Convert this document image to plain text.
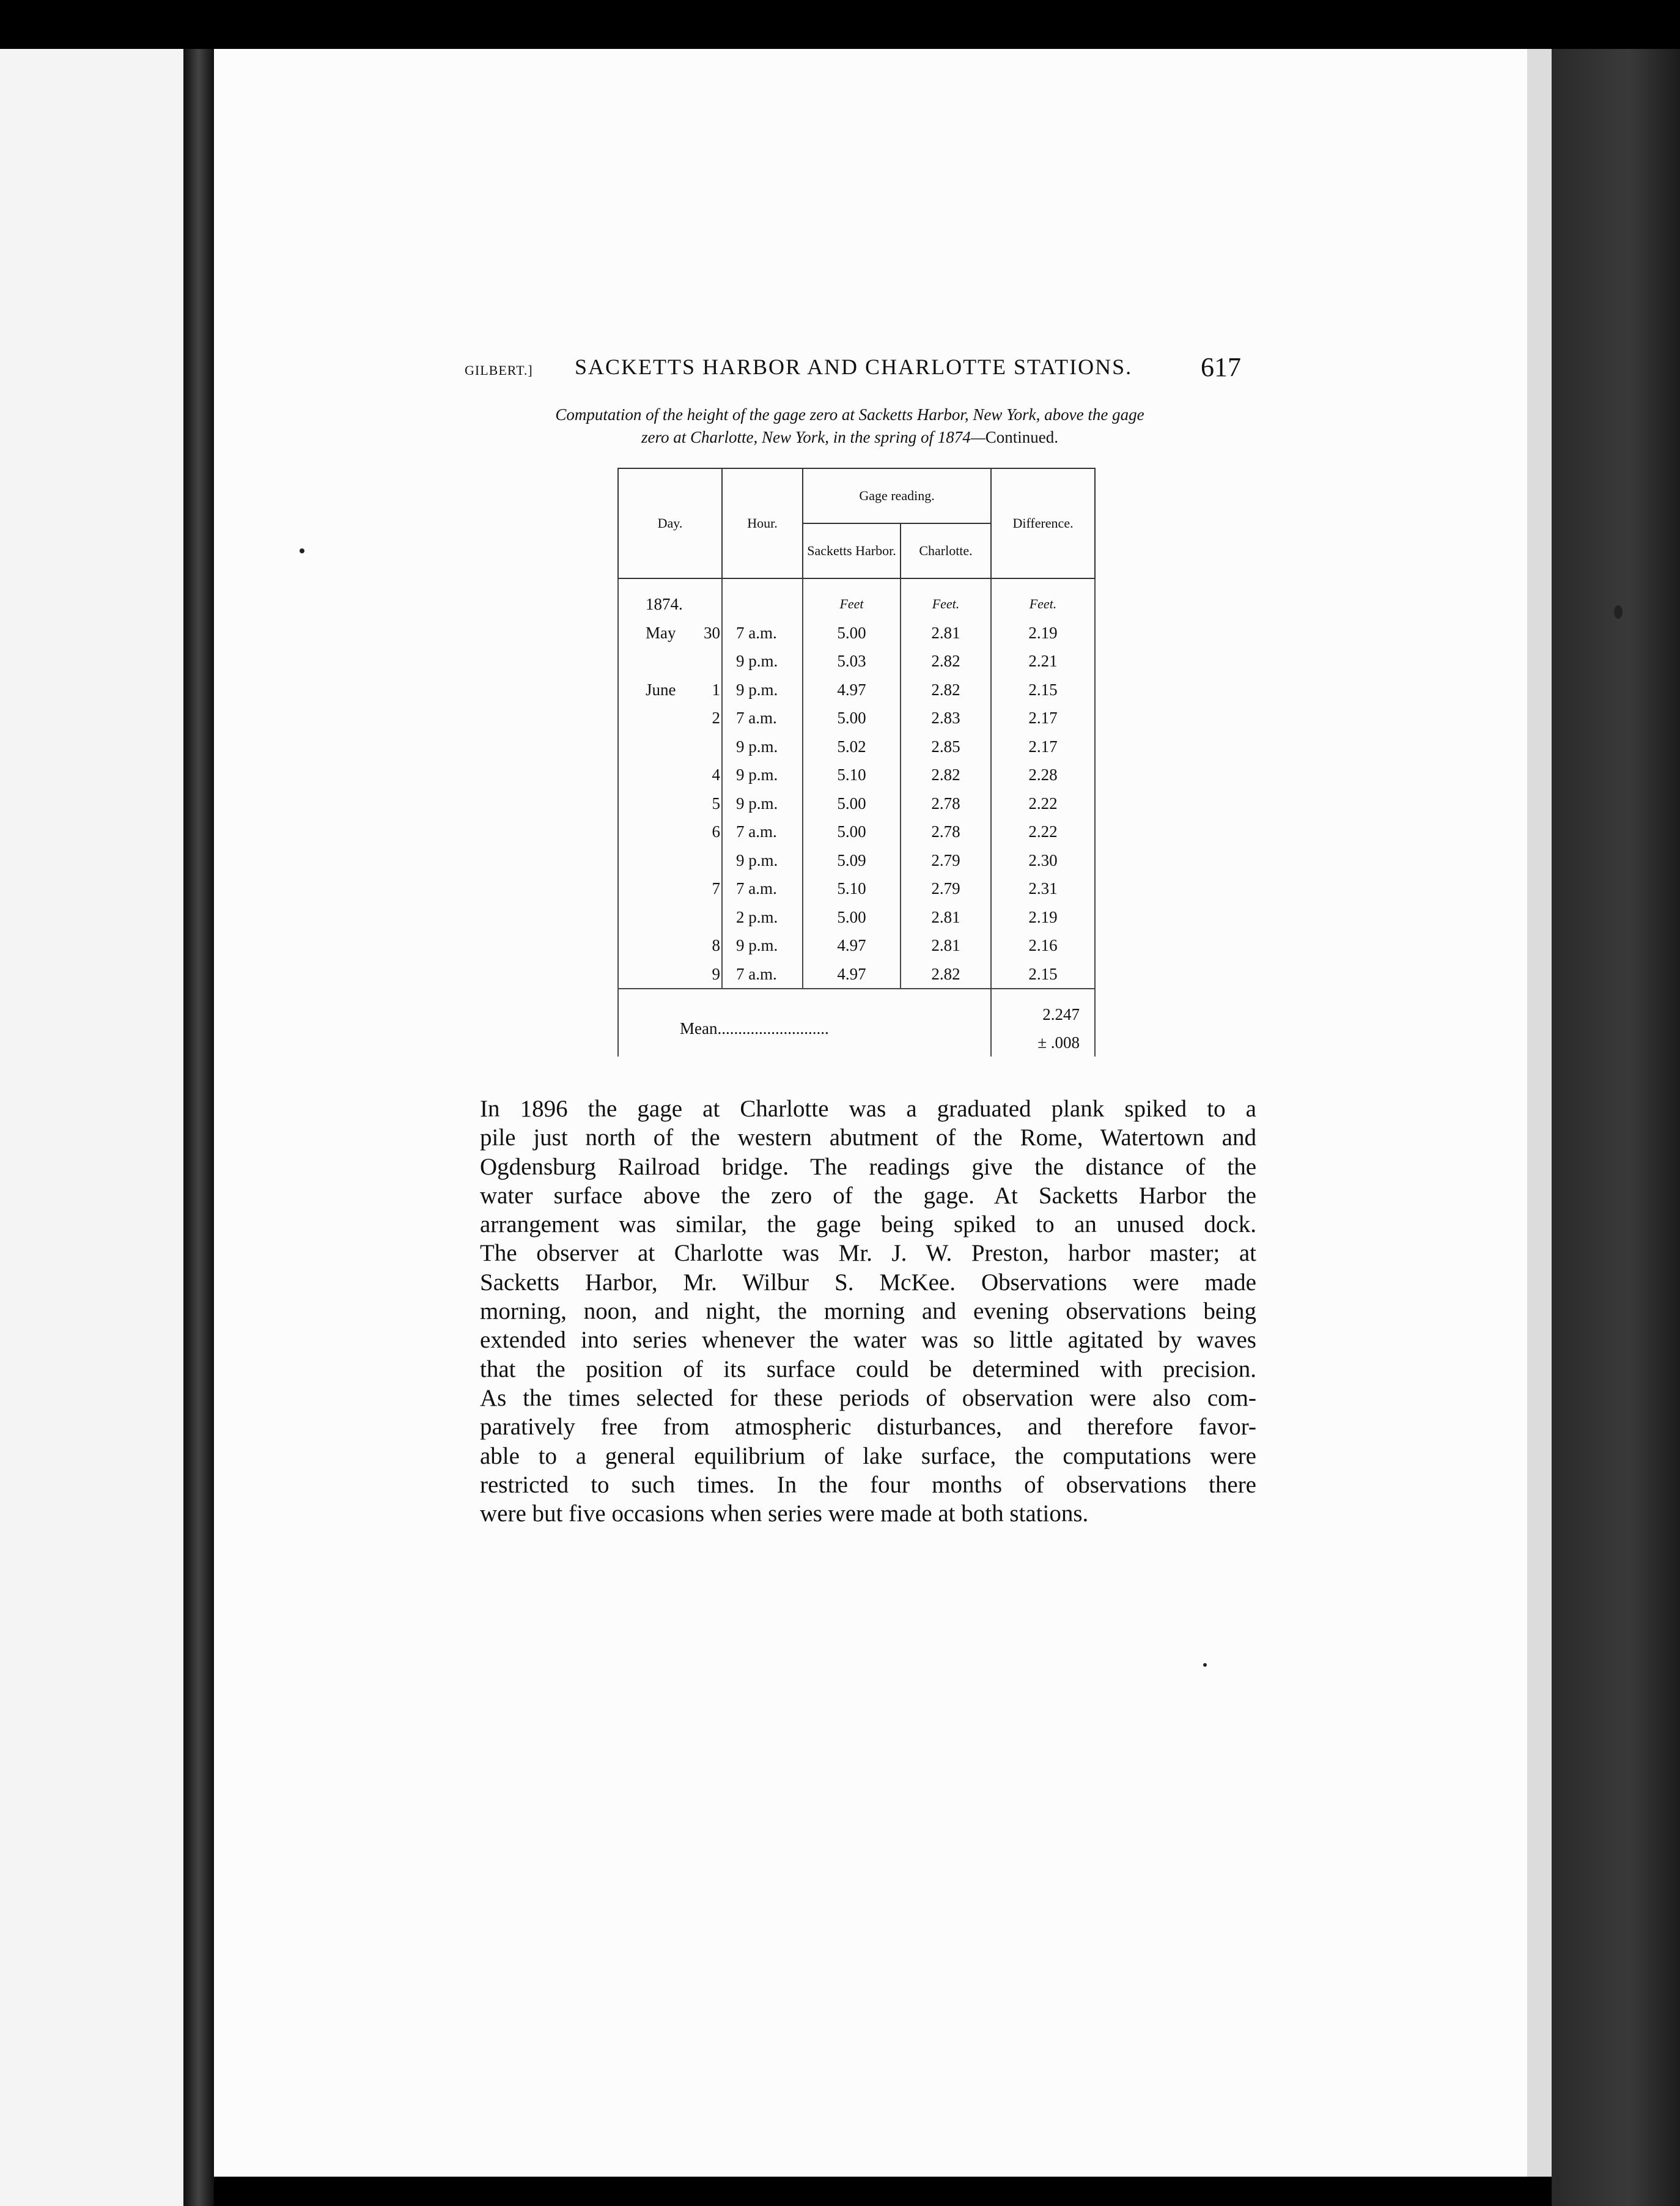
GILBERT.] SACKETTS HARBOR AND CHARLOTTE STATIONS.	617
Computation of the height of the gage zero at Sacketts Harbor, New York, above the gage
zero at Charlotte, New York, in the spring of 1874—Continued.
Day.	Hour.	Gage reading.		Difference.
		Sacketts Harbor.	Charlotte.	
1874.		Feet	Feet.	Feet.
May 30	7 a.m.	5.00	2.81	2.19
	9 p.m.	5.03	2.82	2.21
June 1	9 p.m.	4.97	2.82	2.15
2	7 a.m.	5.00	2.83	2.17
	9 p.m.	5.02	2.85	2.17
4	9 p.m.	5.10	2.82	2.28
5	9 p.m.	5.00	2.78	2.22
6	7 a.m.	5.00	2.78	2.22
	9 p.m.	5.09	2.79	2.30
7	7 a.m.	5.10	2.79	2.31
	2 p.m.	5.00	2.81	2.19
8	9 p.m.	4.97	2.81	2.16
9	7 a.m.	4.97	2.82	2.15
Mean...........................				2.247
± .008
In 1896 the gage at Charlotte was a graduated plank spiked to a
pile just north of the western abutment of the Rome, Watertown and
Ogdensburg Railroad bridge. The readings give the distance of the
water surface above the zero of the gage. At Sacketts Harbor the
arrangement was similar, the gage being spiked to an unused dock.
The observer at Charlotte was Mr. J. W. Preston, harbor master; at
Sacketts Harbor, Mr. Wilbur S. McKee. Observations were made
morning, noon, and night, the morning and evening observations being
extended into series whenever the water was so little agitated by waves
that the position of its surface could be determined with precision.
As the times selected for these periods of observation were also com-
paratively free from atmospheric disturbances, and therefore favor-
able to a general equilibrium of lake surface, the computations were
restricted to such times. In the four months of observations there
were but five occasions when series were made at both stations.
